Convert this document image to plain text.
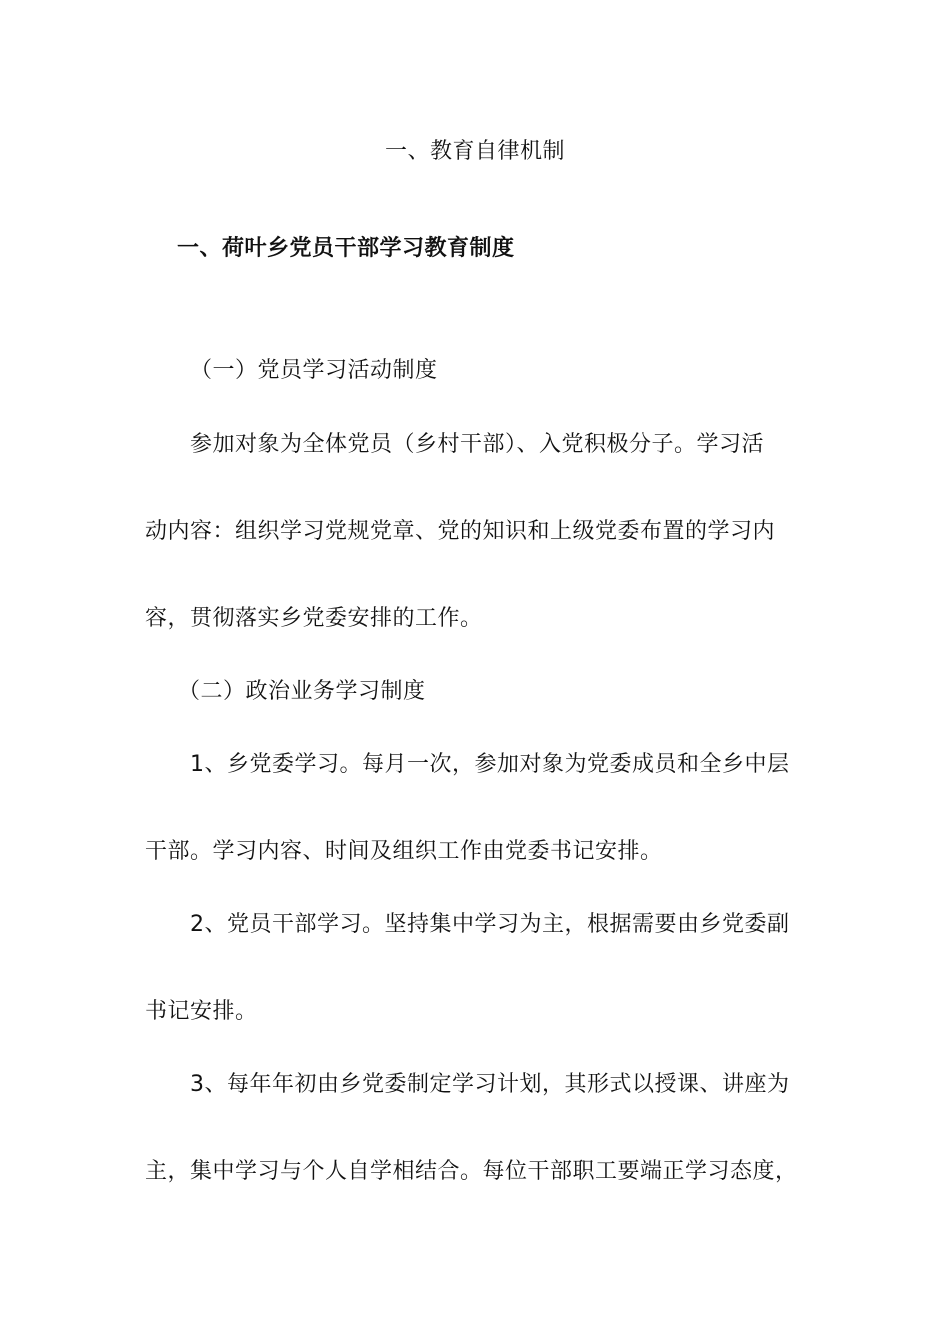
一、教育自律机制
一、荷叶乡党员干部学习教育制度
（一）党员学习活动制度
参加对象为全体党员（乡村干部）、入党积极分子。学习活
动内容：组织学习党规党章、党的知识和上级党委布置的学习内
容，贯彻落实乡党委安排的工作。
（二）政治业务学习制度
1、乡党委学习。每月一次，参加对象为党委成员和全乡中层
干部。学习内容、时间及组织工作由党委书记安排。
2、党员干部学习。坚持集中学习为主，根据需要由乡党委副
书记安排。
3、每年年初由乡党委制定学习计划，其形式以授课、讲座为
主，集中学习与个人自学相结合。每位干部职工要端正学习态度，
